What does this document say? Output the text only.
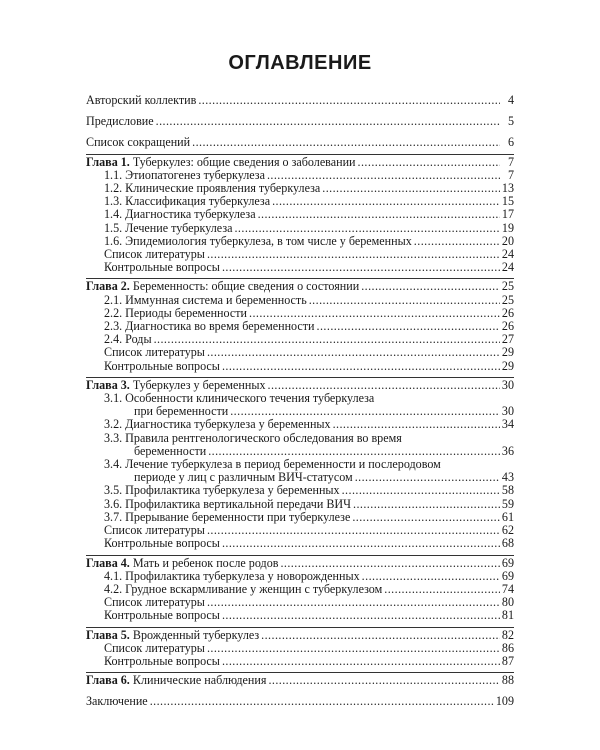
ОГЛАВЛЕНИЕ
Авторский коллектив . . .	4
Предисловие . . .	5
Список сокращений . . .	6
Глава 1. Туберкулез: общие сведения о заболевании . . .	7
1.1. Этиопатогенез туберкулеза . . .	7
1.2. Клинические проявления туберкулеза . . .	13
1.3. Классификация туберкулеза . . .	15
1.4. Диагностика туберкулеза . . .	17
1.5. Лечение туберкулеза . . .	19
1.6. Эпидемиология туберкулеза, в том числе у беременных . . .	20
Список литературы . . .	24
Контрольные вопросы . . .	24
Глава 2. Беременность: общие сведения о состоянии . . .	25
2.1. Иммунная система и беременность . . .	25
2.2. Периоды беременности . . .	26
2.3. Диагностика во время беременности . . .	26
2.4. Роды . . .	27
Список литературы . . .	29
Контрольные вопросы . . .	29
Глава 3. Туберкулез у беременных . . .	30
3.1. Особенности клинического течения туберкулеза
при беременности . . .	30
3.2. Диагностика туберкулеза у беременных . . .	34
3.3. Правила рентгенологического обследования во время
беременности . . .	36
3.4. Лечение туберкулеза в период беременности и послеродовом
периоде у лиц с различным ВИЧ-статусом . . .	43
3.5. Профилактика туберкулеза у беременных . . .	58
3.6. Профилактика вертикальной передачи ВИЧ . . .	59
3.7. Прерывание беременности при туберкулезе . . .	61
Список литературы . . .	62
Контрольные вопросы . . .	68
Глава 4. Мать и ребенок после родов . . .	69
4.1. Профилактика туберкулеза у новорожденных . . .	69
4.2. Грудное вскармливание у женщин с туберкулезом . . .	74
Список литературы . . .	80
Контрольные вопросы . . .	81
Глава 5. Врожденный туберкулез . . .	82
Список литературы . . .	86
Контрольные вопросы . . .	87
Глава 6. Клинические наблюдения . . .	88
Заключение . . .	109
